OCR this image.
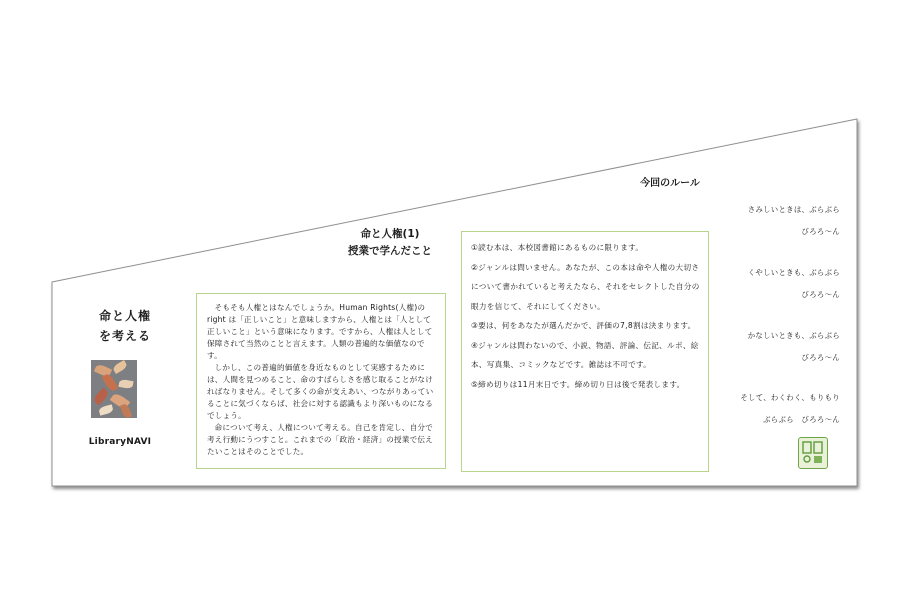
命と人権
を考える
LibraryNAVI
命と人権(1)
授業で学んだこと

そもそも人権とはなんでしょうか。Human Rights(人権)の right は「正しいこと」と意味しますから、人権とは「人として正しいこと」という意味になります。ですから、人権は人として保障されて当然のことと言えます。人類の普遍的な価値なのです。

しかし、この普遍的価値を身近なものとして実感するためには、人間を見つめること、命のすばらしさを感じ取ることがなければなりません。そして多くの命が支えあい、つながりあっていることに気づくならば、社会に対する認識もより深いものになるでしょう。

命について考え、人権について考える。自己を肯定し、自分で考え行動にうつすこと。これまでの「政治・経済」の授業で伝えたいことはそのことでした。

今回のルール

①読む本は、本校図書館にあるものに限ります。

②ジャンルは問いません。あなたが、この本は命や人権の大切さについて書かれていると考えたなら、それをセレクトした自分の眼力を信じて、それにしてください。

③要は、何をあなたが選んだかで、評価の7,8割は決まります。

④ジャンルは問わないので、小説、物語、評論、伝記、ルポ、絵本、写真集、コミックなどです。雑誌は不可です。

⑤締め切りは11月末日です。締め切り日は後で発表します。

さみしいときは、ぶらぶら
びろろ〜ん
くやしいときも、ぶらぶら
びろろ〜ん
かなしいときも、ぶらぶら
びろろ〜ん
そして、わくわく、もりもり
ぶらぶら　びろろ〜ん
